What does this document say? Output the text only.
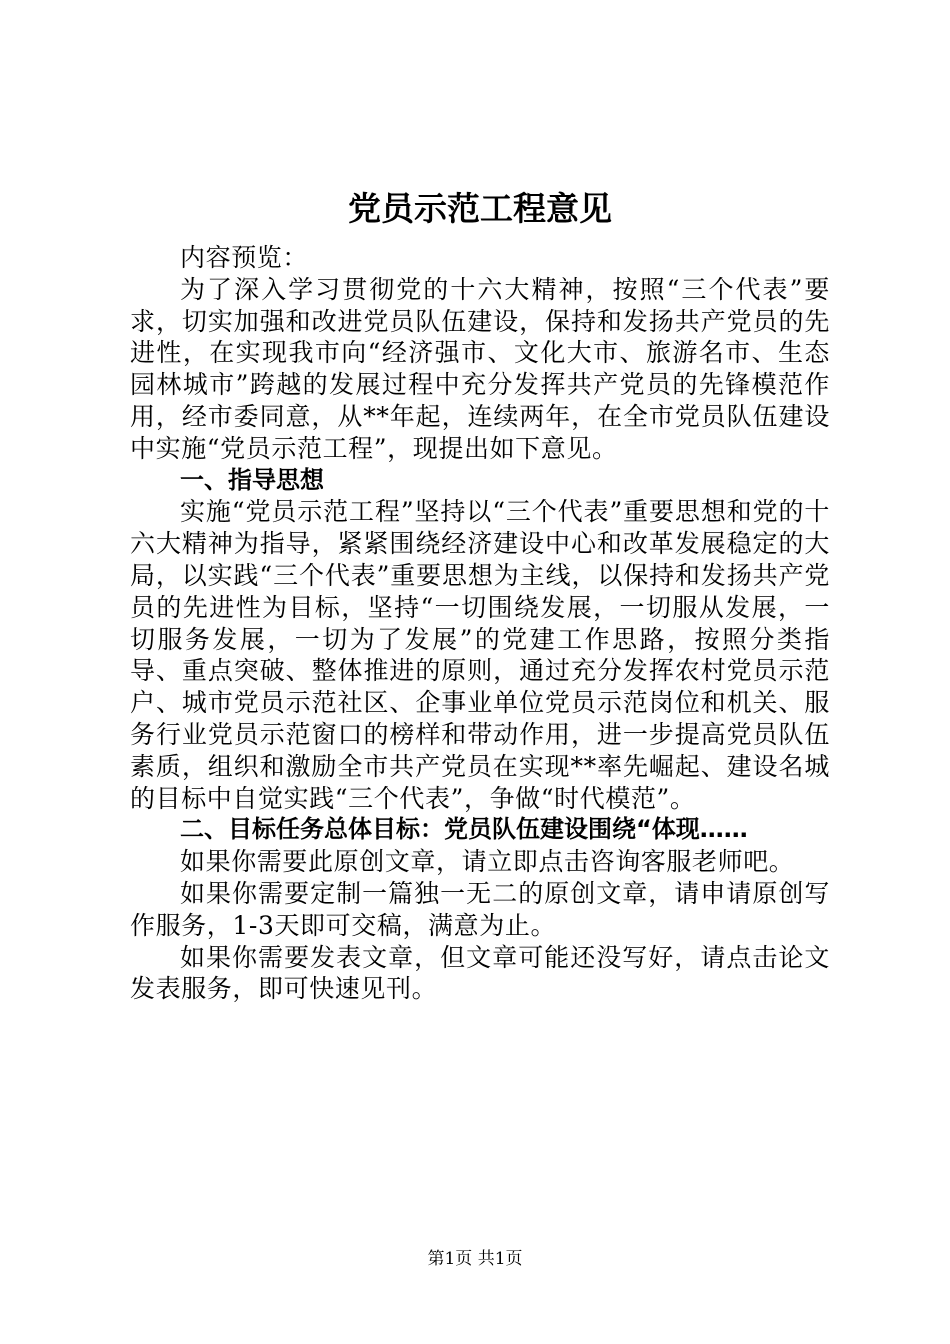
党员示范工程意见

内容预览：

为了深入学习贯彻党的十六大精神，按照“三个代表”要求，切实加强和改进党员队伍建设，保持和发扬共产党员的先进性，在实现我市向“经济强市、文化大市、旅游名市、生态园林城市”跨越的发展过程中充分发挥共产党员的先锋模范作用，经市委同意，从**年起，连续两年，在全市党员队伍建设中实施“党员示范工程”，现提出如下意见。

一、指导思想

实施“党员示范工程”坚持以“三个代表”重要思想和党的十六大精神为指导，紧紧围绕经济建设中心和改革发展稳定的大局，以实践“三个代表”重要思想为主线，以保持和发扬共产党员的先进性为目标，坚持“一切围绕发展，一切服从发展，一切服务发展，一切为了发展”的党建工作思路，按照分类指导、重点突破、整体推进的原则，通过充分发挥农村党员示范户、城市党员示范社区、企事业单位党员示范岗位和机关、服务行业党员示范窗口的榜样和带动作用，进一步提高党员队伍素质，组织和激励全市共产党员在实现**率先崛起、建设名城的目标中自觉实践“三个代表”，争做“时代模范”。

二、目标任务总体目标：党员队伍建设围绕“体现……

如果你需要此原创文章，请立即点击咨询客服老师吧。

如果你需要定制一篇独一无二的原创文章，请申请原创写作服务，1-3天即可交稿，满意为止。

如果你需要发表文章，但文章可能还没写好，请点击论文发表服务，即可快速见刊。

第1页 共1页
